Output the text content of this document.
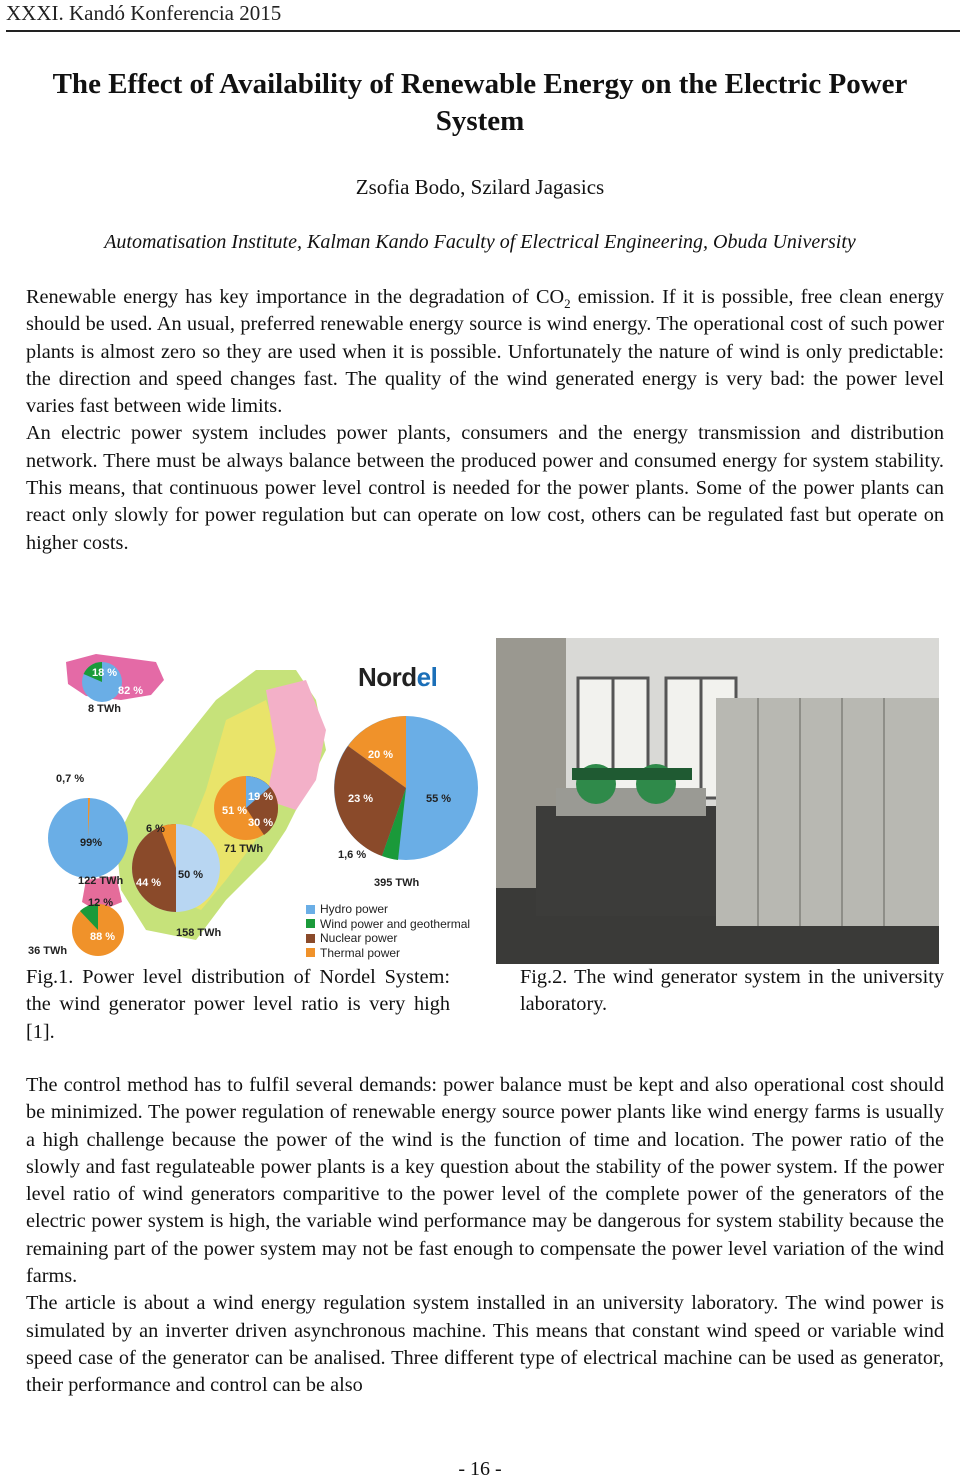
XXXI. Kandó Konferencia 2015
The Effect of Availability of Renewable Energy on the Electric Power System
Zsofia Bodo, Szilard Jagasics
Automatisation Institute, Kalman Kando Faculty of Electrical Engineering, Obuda University

Renewable energy has key importance in the degradation of $CO_2$ emission. If it is possible, free clean energy should be used. An usual, preferred renewable energy source is wind energy. The operational cost of such power plants is almost zero so they are used when it is possible. Unfortunately the nature of wind is only predictable: the direction and speed changes fast. The quality of the wind generated energy is very bad: the power level varies fast between wide limits.

An electric power system includes power plants, consumers and the energy transmission and distribution network. There must be always balance between the produced power and consumed energy for system stability. This means, that continuous power level control is needed for the power plants. Some of the power plants can react only slowly for power regulation but can operate on low cost, others can be regulated fast but operate on higher costs.

18 %
82 %
8 TWh
0,7 %
99%
122 TWh
6 %
44 %
50 %
158 TWh
51 %
19 %
30 %
71 TWh
12 %
88 %
36 TWh
55 %
20 %
23 %
1,6 %
395 TWh
Nordel
Hydro power
Wind power and geothermal
Nuclear power
Thermal power
Fig.1. Power level distribution of Nordel System: the wind generator power level ratio is very high [1].
Fig.2. The wind generator system in the university laboratory.

The control method has to fulfil several demands: power balance must be kept and also operational cost should be minimized. The power regulation of renewable energy source power plants like wind energy farms is usually a high challenge because the power of the wind is the function of time and location. The power ratio of the slowly and fast regulateable power plants is a key question about the stability of the power system. If the power level ratio of wind generators comparitive to the power level of the complete power of the generators of the electric power system is high, the variable wind performance may be dangerous for system stability because the remaining part of the power system may not be fast enough to compensate the power level variation of the wind farms.

The article is about a wind energy regulation system installed in an university laboratory. The wind power is simulated by an inverter driven asynchronous machine. This means that constant wind speed or variable wind speed case of the generator can be analised. Three different type of electrical machine can be used as generator, their performance and control can be also

- 16 -
